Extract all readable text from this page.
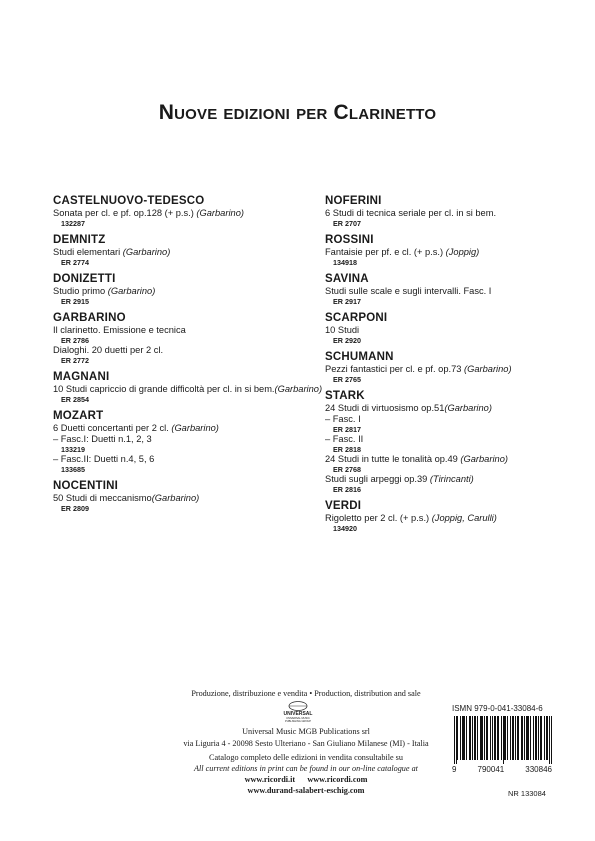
Nuove edizioni per Clarinetto
CASTELNUOVO-TEDESCO
Sonata per cl. e pf. op.128 (+ p.s.) (Garbarino)
132287
DEMNITZ
Studi elementari (Garbarino)
ER 2774
DONIZETTI
Studio primo (Garbarino)
ER 2915
GARBARINO
Il clarinetto. Emissione e tecnica
ER 2786
Dialoghi. 20 duetti per 2 cl.
ER 2772
MAGNANI
10 Studi capriccio di grande difficoltà per cl. in si bem.(Garbarino)
ER 2854
MOZART
6 Duetti concertanti per 2 cl. (Garbarino)
– Fasc.I: Duetti n.1, 2, 3
133219
– Fasc.II: Duetti n.4, 5, 6
133685
NOCENTINI
50 Studi di meccanismo(Garbarino)
ER 2809
NOFERINI
6 Studi di tecnica seriale per cl. in si bem.
ER 2707
ROSSINI
Fantaisie per pf. e cl. (+ p.s.) (Joppig)
134918
SAVINA
Studi sulle scale e sugli intervalli. Fasc. I
ER 2917
SCARPONI
10 Studi
ER 2920
SCHUMANN
Pezzi fantastici per cl. e pf. op.73 (Garbarino)
ER 2765
STARK
24 Studi di virtuosismo op.51(Garbarino)
– Fasc. I
ER 2817
– Fasc. II
ER 2818
24 Studi in tutte le tonalità op.49 (Garbarino)
ER 2768
Studi sugli arpeggi op.39 (Tirincanti)
ER 2816
VERDI
Rigoletto per 2 cl. (+ p.s.) (Joppig, Carulli)
134920
Produzione, distribuzione e vendita • Production, distribution and sale
UNIVERSAL
UNIVERSAL MUSIC
PUBLISHING GROUP
Universal Music MGB Publications srl
via Liguria 4 - 20098 Sesto Ulteriano - San Giuliano Milanese (MI) - Italia
Catalogo completo delle edizioni in vendita consultabile su
All current editions in print can be found in our on-line catalogue at
www.ricordi.it www.ricordi.com
www.durand-salabert-eschig.com
ISMN 979-0-041-33084-6
9	790041	330846
NR 133084
